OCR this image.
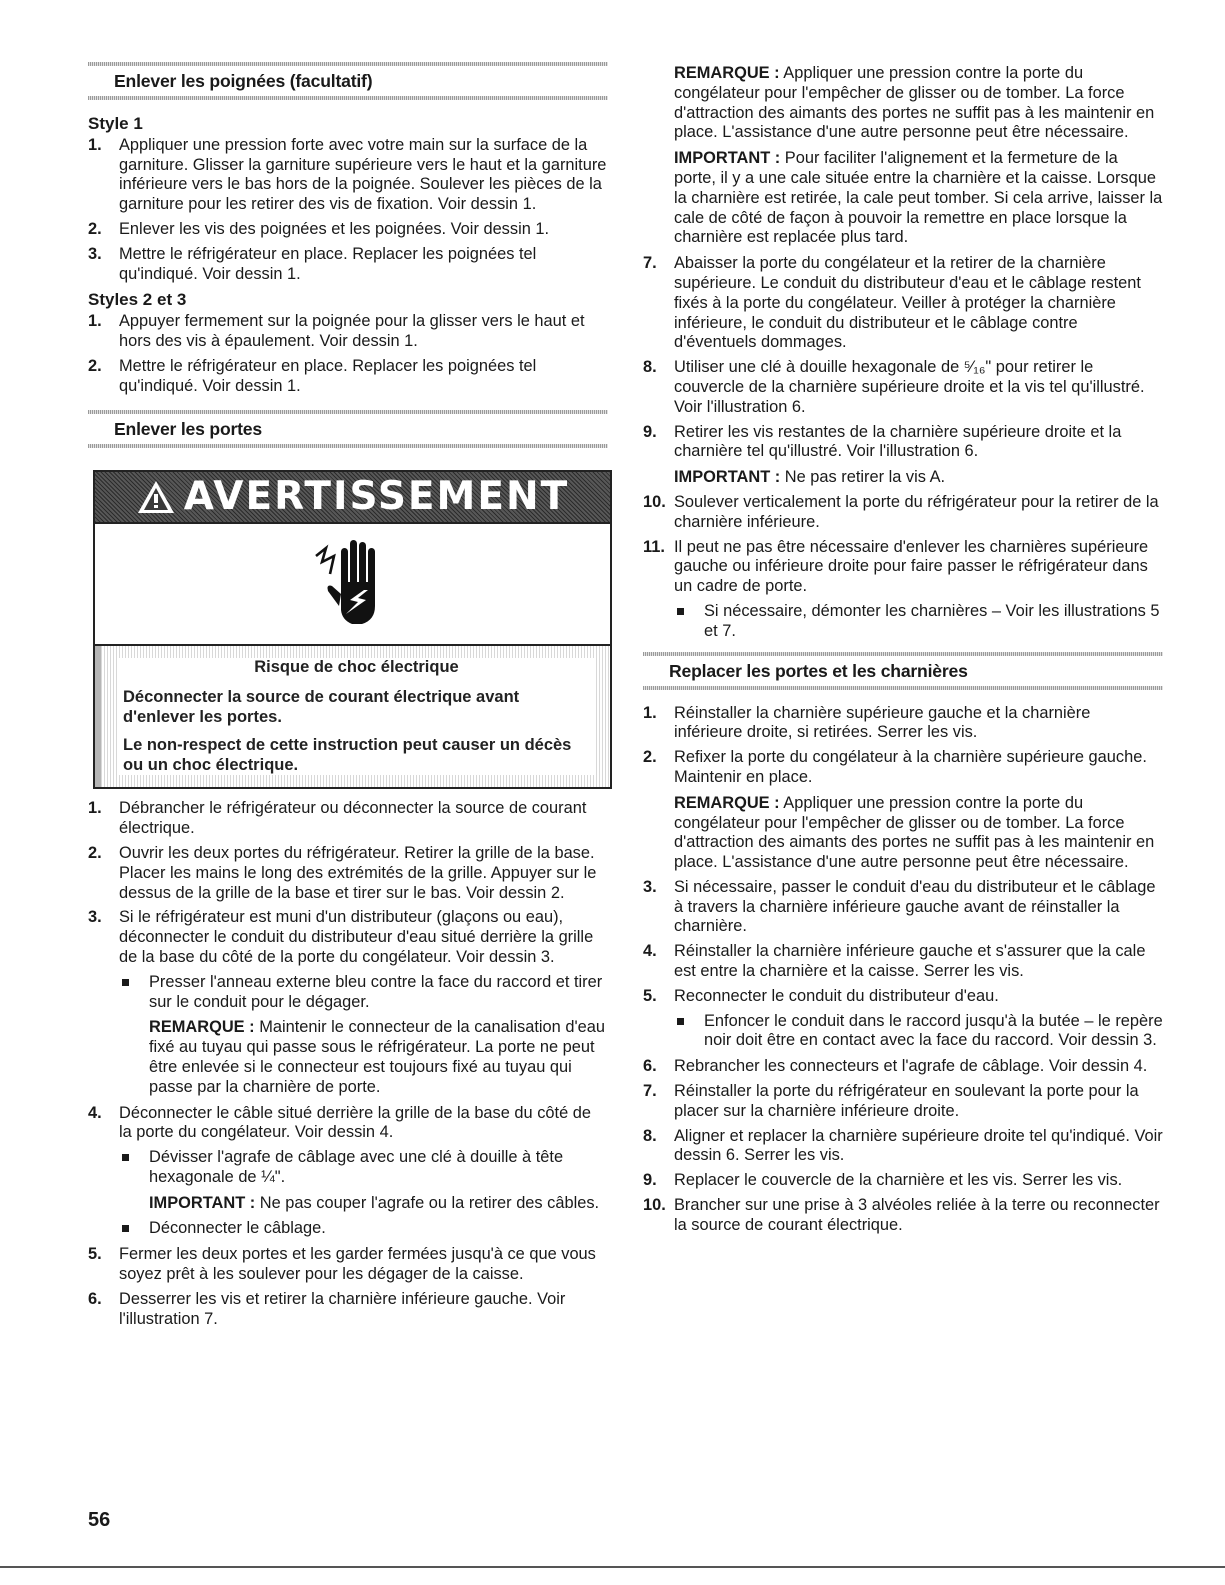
Enlever les poignées (facultatif)
Style 1
1. Appliquer une pression forte avec votre main sur la surface de la garniture. Glisser la garniture supérieure vers le haut et la garniture inférieure vers le bas hors de la poignée. Soulever les pièces de la garniture pour les retirer des vis de fixation. Voir dessin 1.
2. Enlever les vis des poignées et les poignées. Voir dessin 1.
3. Mettre le réfrigérateur en place. Replacer les poignées tel qu'indiqué. Voir dessin 1.
Styles 2 et 3
1. Appuyer fermement sur la poignée pour la glisser vers le haut et hors des vis à épaulement. Voir dessin 1.
2. Mettre le réfrigérateur en place. Replacer les poignées tel qu'indiqué. Voir dessin 1.
Enlever les portes
AVERTISSEMENT
Risque de choc électrique
Déconnecter la source de courant électrique avant d'enlever les portes.
Le non-respect de cette instruction peut causer un décès ou un choc électrique.
1. Débrancher le réfrigérateur ou déconnecter la source de courant électrique.
2. Ouvrir les deux portes du réfrigérateur. Retirer la grille de la base. Placer les mains le long des extrémités de la grille. Appuyer sur le dessus de la grille de la base et tirer sur le bas. Voir dessin 2.
3. Si le réfrigérateur est muni d'un distributeur (glaçons ou eau), déconnecter le conduit du distributeur d'eau situé derrière la grille de la base du côté de la porte du congélateur. Voir dessin 3.
Presser l'anneau externe bleu contre la face du raccord et tirer sur le conduit pour le dégager.
REMARQUE : Maintenir le connecteur de la canalisation d'eau fixé au tuyau qui passe sous le réfrigérateur. La porte ne peut être enlevée si le connecteur est toujours fixé au tuyau qui passe par la charnière de porte.
4. Déconnecter le câble situé derrière la grille de la base du côté de la porte du congélateur. Voir dessin 4.
Dévisser l'agrafe de câblage avec une clé à douille à tête hexagonale de ¼".
IMPORTANT : Ne pas couper l'agrafe ou la retirer des câbles.
Déconnecter le câblage.
5. Fermer les deux portes et les garder fermées jusqu'à ce que vous soyez prêt à les soulever pour les dégager de la caisse.
6. Desserrer les vis et retirer la charnière inférieure gauche. Voir l'illustration 7.
REMARQUE : Appliquer une pression contre la porte du congélateur pour l'empêcher de glisser ou de tomber. La force d'attraction des aimants des portes ne suffit pas à les maintenir en place. L'assistance d'une autre personne peut être nécessaire.
IMPORTANT : Pour faciliter l'alignement et la fermeture de la porte, il y a une cale située entre la charnière et la caisse. Lorsque la charnière est retirée, la cale peut tomber. Si cela arrive, laisser la cale de côté de façon à pouvoir la remettre en place lorsque la charnière est replacée plus tard.
7. Abaisser la porte du congélateur et la retirer de la charnière supérieure. Le conduit du distributeur d'eau et le câblage restent fixés à la porte du congélateur. Veiller à protéger la charnière inférieure, le conduit du distributeur et le câblage contre d'éventuels dommages.
8. Utiliser une clé à douille hexagonale de ⁵⁄₁₆" pour retirer le couvercle de la charnière supérieure droite et la vis tel qu'illustré. Voir l'illustration 6.
9. Retirer les vis restantes de la charnière supérieure droite et la charnière tel qu'illustré. Voir l'illustration 6.
IMPORTANT : Ne pas retirer la vis A.
10. Soulever verticalement la porte du réfrigérateur pour la retirer de la charnière inférieure.
11. Il peut ne pas être nécessaire d'enlever les charnières supérieure gauche ou inférieure droite pour faire passer le réfrigérateur dans un cadre de porte.
Si nécessaire, démonter les charnières – Voir les illustrations 5 et 7.
Replacer les portes et les charnières
1. Réinstaller la charnière supérieure gauche et la charnière inférieure droite, si retirées. Serrer les vis.
2. Refixer la porte du congélateur à la charnière supérieure gauche. Maintenir en place.
REMARQUE : Appliquer une pression contre la porte du congélateur pour l'empêcher de glisser ou de tomber. La force d'attraction des aimants des portes ne suffit pas à les maintenir en place. L'assistance d'une autre personne peut être nécessaire.
3. Si nécessaire, passer le conduit d'eau du distributeur et le câblage à travers la charnière inférieure gauche avant de réinstaller la charnière.
4. Réinstaller la charnière inférieure gauche et s'assurer que la cale est entre la charnière et la caisse. Serrer les vis.
5. Reconnecter le conduit du distributeur d'eau.
Enfoncer le conduit dans le raccord jusqu'à la butée – le repère noir doit être en contact avec la face du raccord. Voir dessin 3.
6. Rebrancher les connecteurs et l'agrafe de câblage. Voir dessin 4.
7. Réinstaller la porte du réfrigérateur en soulevant la porte pour la placer sur la charnière inférieure droite.
8. Aligner et replacer la charnière supérieure droite tel qu'indiqué. Voir dessin 6. Serrer les vis.
9. Replacer le couvercle de la charnière et les vis. Serrer les vis.
10. Brancher sur une prise à 3 alvéoles reliée à la terre ou reconnecter la source de courant électrique.
56
